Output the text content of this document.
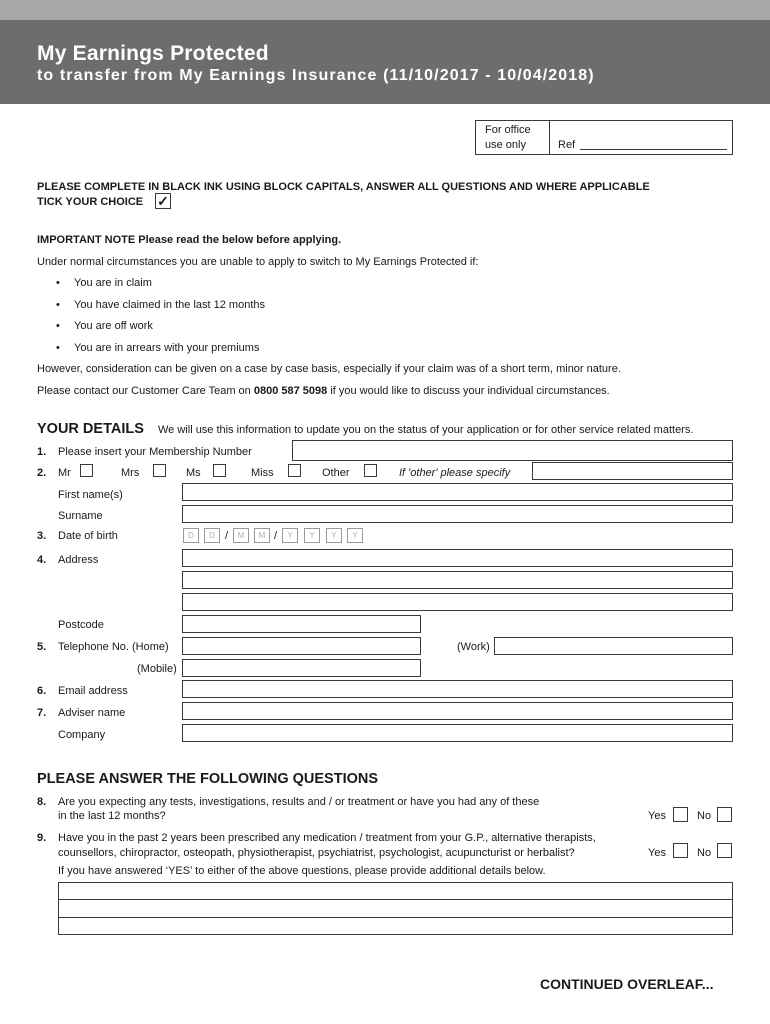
My Earnings Protected
to transfer from My Earnings Insurance (11/10/2017 - 10/04/2018)
For office
use only	Ref
PLEASE COMPLETE IN BLACK INK USING BLOCK CAPITALS, ANSWER ALL QUESTIONS AND WHERE APPLICABLE
TICK YOUR CHOICE ✓
IMPORTANT NOTE Please read the below before applying.
Under normal circumstances you are unable to apply to switch to My Earnings Protected if:
• You are in claim
• You have claimed in the last 12 months
• You are off work
• You are in arrears with your premiums
However, consideration can be given on a case by case basis, especially if your claim was of a short term, minor nature.
Please contact our Customer Care Team on 0800 587 5098 if you would like to discuss your individual circumstances.
YOUR DETAILS We will use this information to update you on the status of your application or for other service related matters.
1. Please insert your Membership Number
2. Mr	Mrs	Ms	Miss	Other	If 'other' please specify
First name(s)
Surname
3. Date of birth	D	D /	M	M /	Y	Y	Y	Y
4. Address
Postcode
5. Telephone No. (Home)	(Work)
(Mobile)
6. Email address
7. Adviser name
Company
PLEASE ANSWER THE FOLLOWING QUESTIONS
8. Are you expecting any tests, investigations, results and / or treatment or have you had any of these
in the last 12 months?	Yes	No
9. Have you in the past 2 years been prescribed any medication / treatment from your G.P., alternative therapists,
counsellors, chiropractor, osteopath, physiotherapist, psychiatrist, psychologist, acupuncturist or herbalist?	Yes	No
If you have answered ‘YES’ to either of the above questions, please provide additional details below.
CONTINUED OVERLEAF...
